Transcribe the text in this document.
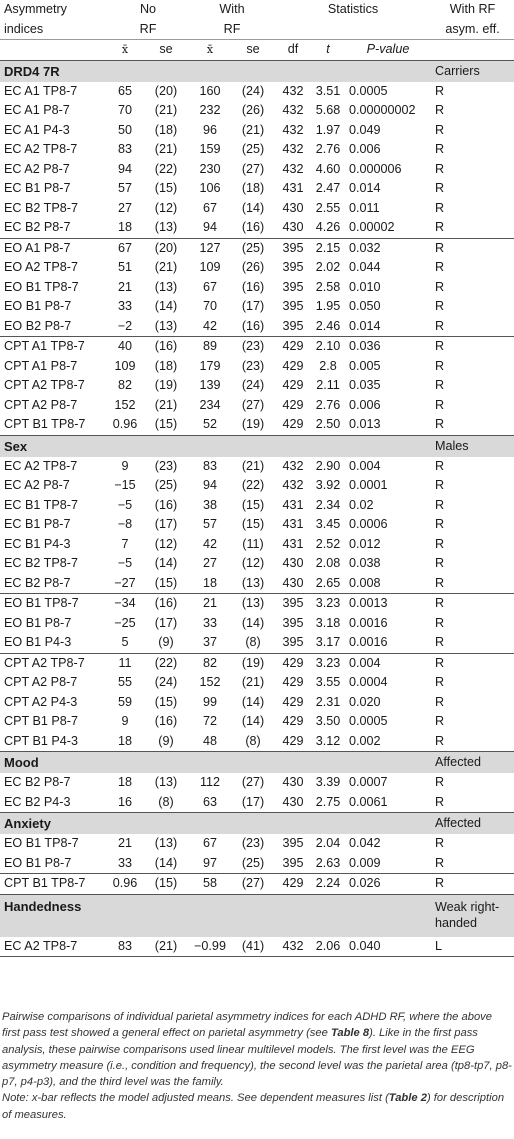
Asymmetry	No		With		Statistics			With RF
indices	RF		RF					asym. eff.
	x̄	se	x̄	se	df	t	P-value	
DRD4 7R								Carriers
EC A1 TP8-7	65	(20)	160	(24)	432	3.51	0.0005	R
EC A1 P8-7	70	(21)	232	(26)	432	5.68	0.00000002	R
EC A1 P4-3	50	(18)	96	(21)	432	1.97	0.049	R
EC A2 TP8-7	83	(21)	159	(25)	432	2.76	0.006	R
EC A2 P8-7	94	(22)	230	(27)	432	4.60	0.000006	R
EC B1 P8-7	57	(15)	106	(18)	431	2.47	0.014	R
EC B2 TP8-7	27	(12)	67	(14)	430	2.55	0.011	R
EC B2 P8-7	18	(13)	94	(16)	430	4.26	0.00002	R
EO A1 P8-7	67	(20)	127	(25)	395	2.15	0.032	R
EO A2 TP8-7	51	(21)	109	(26)	395	2.02	0.044	R
EO B1 TP8-7	21	(13)	67	(16)	395	2.58	0.010	R
EO B1 P8-7	33	(14)	70	(17)	395	1.95	0.050	R
EO B2 P8-7	−2	(13)	42	(16)	395	2.46	0.014	R
CPT A1 TP8-7	40	(16)	89	(23)	429	2.10	0.036	R
CPT A1 P8-7	109	(18)	179	(23)	429	2.8	0.005	R
CPT A2 TP8-7	82	(19)	139	(24)	429	2.11	0.035	R
CPT A2 P8-7	152	(21)	234	(27)	429	2.76	0.006	R
CPT B1 TP8-7	0.96	(15)	52	(19)	429	2.50	0.013	R
Sex								Males
EC A2 TP8-7	9	(23)	83	(21)	432	2.90	0.004	R
EC A2 P8-7	−15	(25)	94	(22)	432	3.92	0.0001	R
EC B1 TP8-7	−5	(16)	38	(15)	431	2.34	0.02	R
EC B1 P8-7	−8	(17)	57	(15)	431	3.45	0.0006	R
EC B1 P4-3	7	(12)	42	(11)	431	2.52	0.012	R
EC B2 TP8-7	−5	(14)	27	(12)	430	2.08	0.038	R
EC B2 P8-7	−27	(15)	18	(13)	430	2.65	0.008	R
EO B1 TP8-7	−34	(16)	21	(13)	395	3.23	0.0013	R
EO B1 P8-7	−25	(17)	33	(14)	395	3.18	0.0016	R
EO B1 P4-3	5	(9)	37	(8)	395	3.17	0.0016	R
CPT A2 TP8-7	11	(22)	82	(19)	429	3.23	0.004	R
CPT A2 P8-7	55	(24)	152	(21)	429	3.55	0.0004	R
CPT A2 P4-3	59	(15)	99	(14)	429	2.31	0.020	R
CPT B1 P8-7	9	(16)	72	(14)	429	3.50	0.0005	R
CPT B1 P4-3	18	(9)	48	(8)	429	3.12	0.002	R
Mood								Affected
EC B2 P8-7	18	(13)	112	(27)	430	3.39	0.0007	R
EC B2 P4-3	16	(8)	63	(17)	430	2.75	0.0061	R
Anxiety								Affected
EO B1 TP8-7	21	(13)	67	(23)	395	2.04	0.042	R
EO B1 P8-7	33	(14)	97	(25)	395	2.63	0.009	R
CPT B1 TP8-7	0.96	(15)	58	(27)	429	2.24	0.026	R
Handedness								Weak right-
handed
EC A2 TP8-7	83	(21)	−0.99	(41)	432	2.06	0.040	L
Pairwise comparisons of individual parietal asymmetry indices for each ADHD RF, where the above first pass test showed a general effect on parietal asymmetry (see Table 8). Like in the first pass analysis, these pairwise comparisons used linear multilevel models. The first level was the EEG asymmetry measure (i.e., condition and frequency), the second level was the parietal area (tp8-tp7, p8-p7, p4-p3), and the third level was the family.
Note: x-bar reflects the model adjusted means. See dependent measures list (Table 2) for description of measures.
